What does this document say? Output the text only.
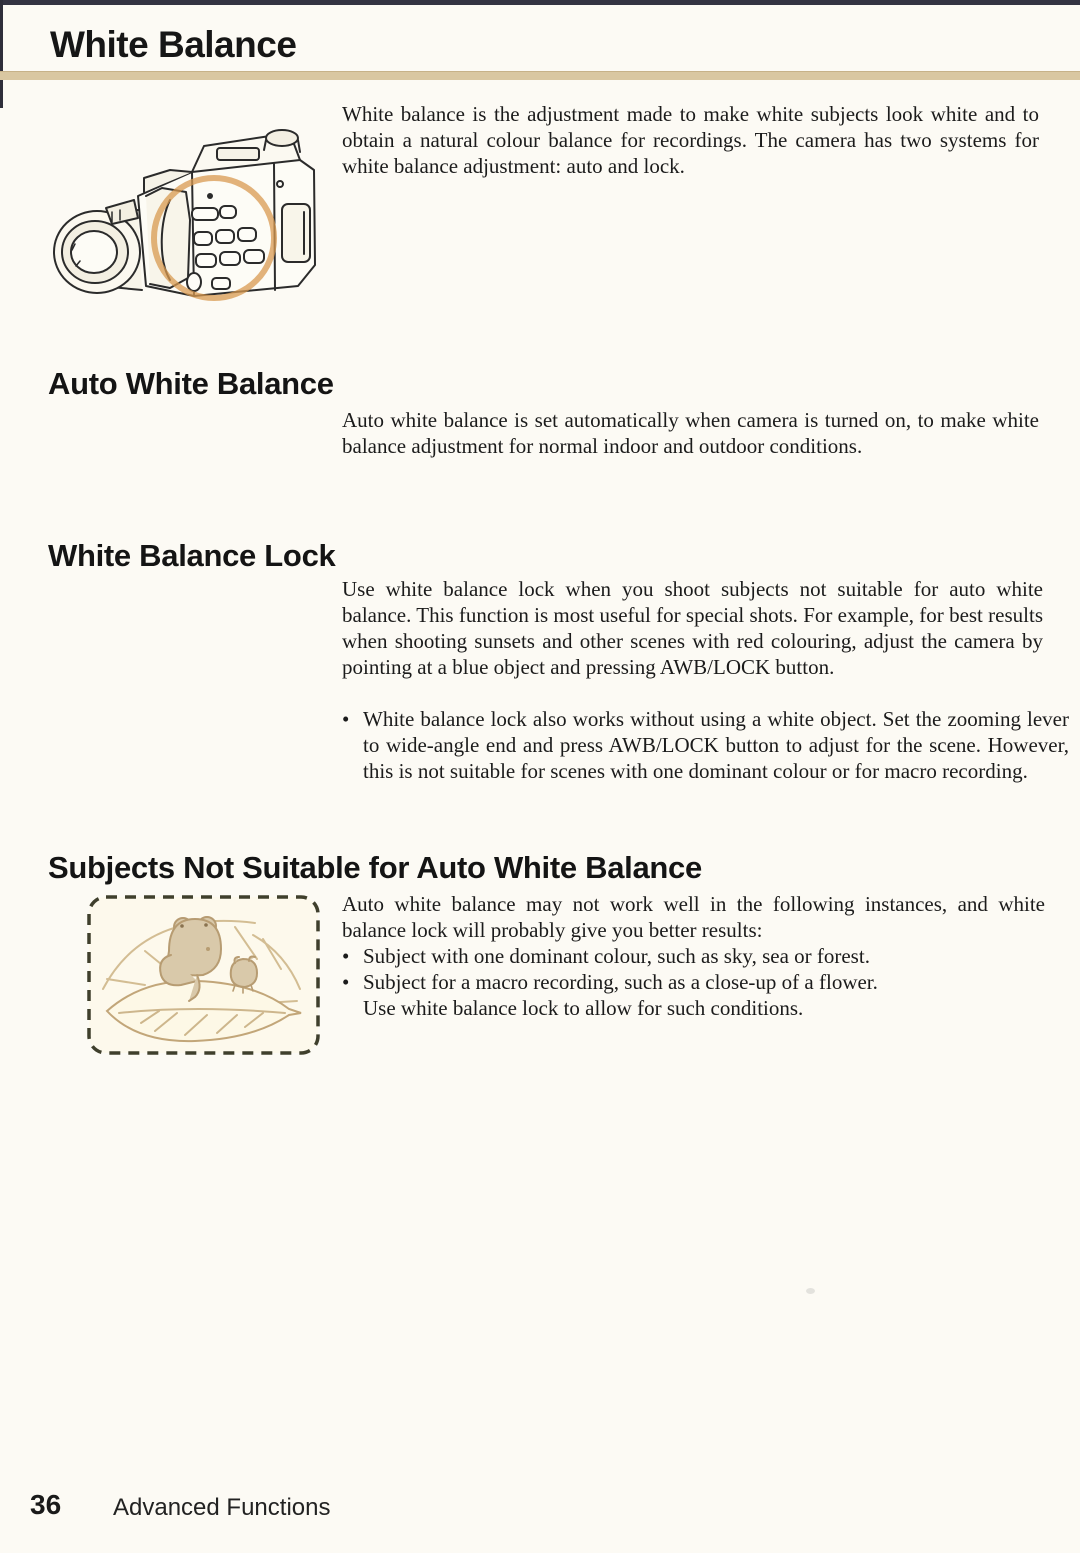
White Balance
White balance is the adjustment made to make white subjects look white and to obtain a natural colour balance for recordings. The camera has two systems for white balance adjustment: auto and lock.
Auto White Balance
Auto white balance is set automatically when camera is turned on, to make white balance adjustment for normal indoor and outdoor conditions.
White Balance Lock
Use white balance lock when you shoot subjects not suitable for auto white balance. This function is most useful for special shots. For example, for best results when shooting sunsets and other scenes with red colouring, adjust the camera by pointing at a blue object and pressing AWB/LOCK button.
• White balance lock also works without using a white object. Set the zooming lever to wide-angle end and press AWB/LOCK button to adjust for the scene. However, this is not suitable for scenes with one dominant colour or for macro recording.
Subjects Not Suitable for Auto White Balance
Auto white balance may not work well in the following instances, and white balance lock will probably give you better results:
• Subject with one dominant colour, such as sky, sea or forest.
• Subject for a macro recording, such as a close-up of a flower.
Use white balance lock to allow for such conditions.
36 Advanced Functions
